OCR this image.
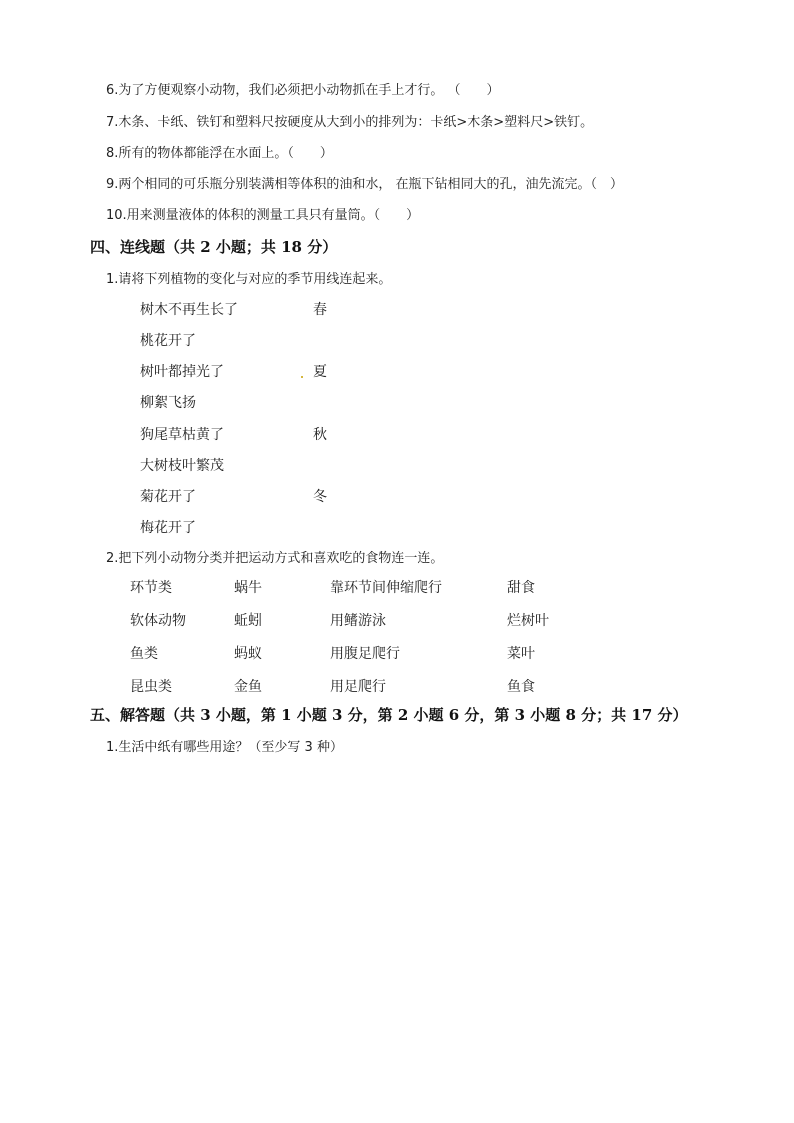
6.为了方便观察小动物，我们必须把小动物抓在手上才行。 （　　）
7.木条、卡纸、铁钉和塑料尺按硬度从大到小的排列为：卡纸>木条>塑料尺>铁钉。
8.所有的物体都能浮在水面上。（　　）
9.两个相同的可乐瓶分别装满相等体积的油和水， 在瓶下钻相同大的孔，油先流完。（　）
10.用来测量液体的体积的测量工具只有量筒。（　　）
四、连线题（共 2 小题；共 18 分）
1.请将下列植物的变化与对应的季节用线连起来。
树木不再生长了
桃花开了
树叶都掉光了
柳絮飞扬
狗尾草枯黄了
大树枝叶繁茂
菊花开了
梅花开了
春
夏
秋
冬
2.把下列小动物分类并把运动方式和喜欢吃的食物连一连。
环节类
软体动物
鱼类
昆虫类
蜗牛
蚯蚓
蚂蚁
金鱼
靠环节间伸缩爬行
用鳍游泳
用腹足爬行
用足爬行
甜食
烂树叶
菜叶
鱼食
五、解答题（共 3 小题，第 1 小题 3 分，第 2 小题 6 分，第 3 小题 8 分；共 17 分）
1.生活中纸有哪些用途？（至少写 3 种）
